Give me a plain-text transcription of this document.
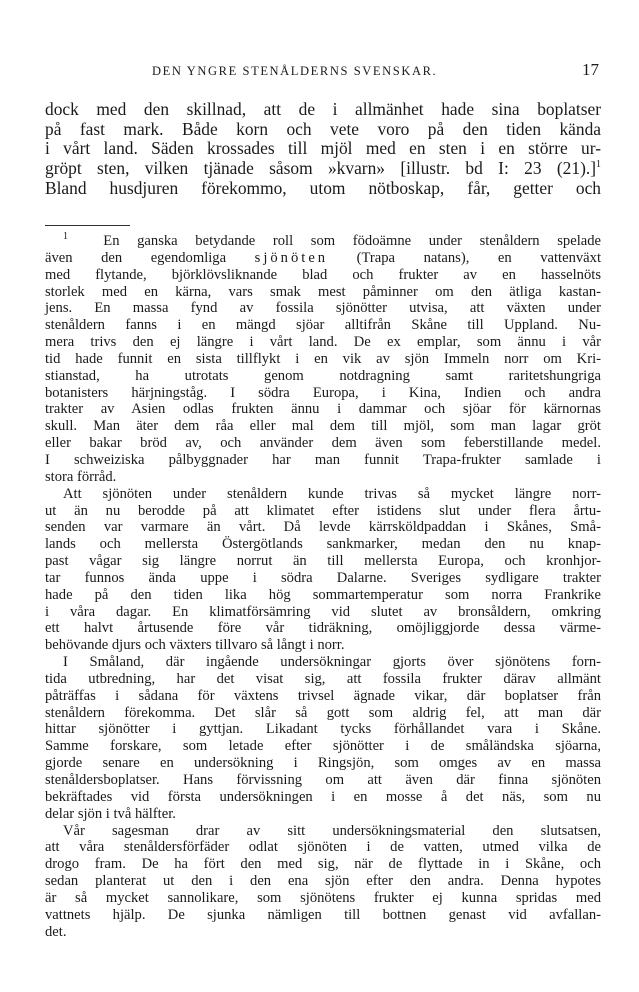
DEN YNGRE STENÅLDERNS SVENSKAR.	17
dock med den skillnad, att de i allmänhet hade sina boplatser
på fast mark. Både korn och vete voro på den tiden kända
i vårt land. Säden krossades till mjöl med en sten i en större ur-
gröpt sten, vilken tjänade såsom »kvarn» [illustr. bd I: 23 (21).]$^1$
Bland husdjuren förekommo, utom nötboskap, får, getter och
$^1$ En ganska betydande roll som födoämne under stenåldern spelade
även den egendomliga sjönöten (Trapa natans), en vattenväxt
med flytande, björklövsliknande blad och frukter av en hasselnöts
storlek med en kärna, vars smak mest påminner om den ätliga kastan-
jens. En massa fynd av fossila sjönötter utvisa, att växten under
stenåldern fanns i en mängd sjöar alltifrån Skåne till Uppland. Nu-
mera trivs den ej längre i vårt land. De ex emplar, som ännu i vår
tid hade funnit en sista tillflykt i en vik av sjön Immeln norr om Kri-
stianstad, ha utrotats genom notdragning samt raritetshungriga
botanisters härjningståg. I södra Europa, i Kina, Indien och andra
trakter av Asien odlas frukten ännu i dammar och sjöar för kärnornas
skull. Man äter dem råa eller mal dem till mjöl, som man lagar gröt
eller bakar bröd av, och använder dem även som feberstillande medel.
I schweiziska pålbyggnader har man funnit Trapa-frukter samlade i
stora förråd.
Att sjönöten under stenåldern kunde trivas så mycket längre norr-
ut än nu berodde på att klimatet efter istidens slut under flera årtu-
senden var varmare än vårt. Då levde kärrsköldpaddan i Skånes, Små-
lands och mellersta Östergötlands sankmarker, medan den nu knap-
past vågar sig längre norrut än till mellersta Europa, och kronhjor-
tar funnos ända uppe i södra Dalarne. Sveriges sydligare trakter
hade på den tiden lika hög sommartemperatur som norra Frankrike
i våra dagar. En klimatförsämring vid slutet av bronsåldern, omkring
ett halvt årtusende före vår tidräkning, omöjliggjorde dessa värme-
behövande djurs och växters tillvaro så långt i norr.
I Småland, där ingående undersökningar gjorts över sjönötens forn-
tida utbredning, har det visat sig, att fossila frukter därav allmänt
påträffas i sådana för växtens trivsel ägnade vikar, där boplatser från
stenåldern förekomma. Det slår så gott som aldrig fel, att man där
hittar sjönötter i gyttjan. Likadant tycks förhållandet vara i Skåne.
Samme forskare, som letade efter sjönötter i de småländska sjöarna,
gjorde senare en undersökning i Ringsjön, som omges av en massa
stenåldersboplatser. Hans förvissning om att även där finna sjönöten
bekräftades vid första undersökningen i en mosse å det näs, som nu
delar sjön i två hälfter.
Vår sagesman drar av sitt undersökningsmaterial den slutsatsen,
att våra stenåldersförfäder odlat sjönöten i de vatten, utmed vilka de
drogo fram. De ha fört den med sig, när de flyttade in i Skåne, och
sedan planterat ut den i den ena sjön efter den andra. Denna hypotes
är så mycket sannolikare, som sjönötens frukter ej kunna spridas med
vattnets hjälp. De sjunka nämligen till bottnen genast vid avfallan-
det.
